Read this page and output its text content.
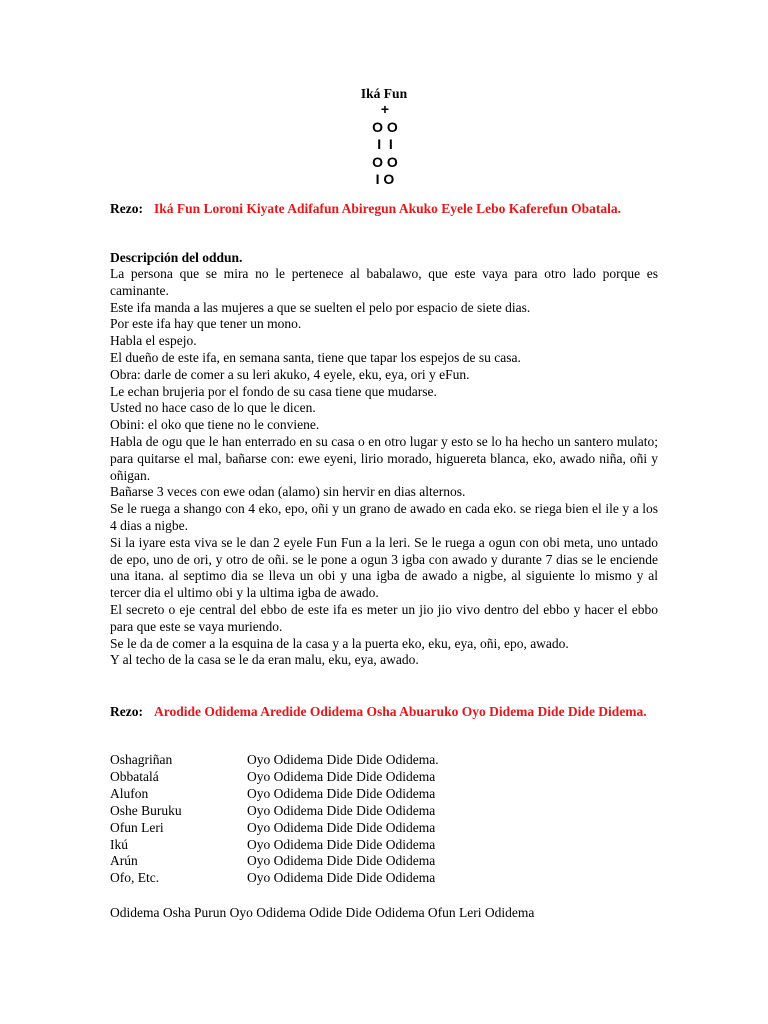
Iká Fun
+
O O
I  I
O O
I O
Rezo: Iká Fun Loroni Kiyate Adifafun Abiregun Akuko Eyele Lebo Kaferefun Obatala.
Descripción del oddun.

La persona que se mira no le pertenece al babalawo, que este vaya para otro lado porque es caminante.

Este ifa manda a las mujeres a que se suelten el pelo por espacio de siete dias.

Por este ifa hay que tener un mono.

Habla el espejo.

El dueño de este ifa, en semana santa, tiene que tapar los espejos de su casa.

Obra: darle de comer a su leri akuko, 4 eyele, eku, eya, ori y eFun.

Le echan brujeria por el fondo de su casa tiene que mudarse.

Usted no hace caso de lo que le dicen.

Obini: el oko que tiene no le conviene.

Habla de ogu que le han enterrado en su casa o en otro lugar y esto se lo ha hecho un santero mulato; para quitarse el mal, bañarse con: ewe eyeni, lirio morado, higuereta blanca, eko, awado niña, oñi y oñigan.

Bañarse 3 veces con ewe odan (alamo) sin hervir en dias alternos.

Se le ruega a shango con 4 eko, epo, oñi y un grano de awado en cada eko. se riega bien el ile y a los 4 dias a nigbe.

Si la iyare esta viva se le dan 2 eyele Fun Fun a la leri. Se le ruega a ogun con obi meta, uno untado de epo, uno de ori, y otro de oñi. se le pone a ogun 3 igba con awado y durante 7 dias se le enciende una itana. al septimo dia se lleva un obi y una igba de awado a nigbe, al siguiente lo mismo y al tercer dia el ultimo obi y la ultima igba de awado.

El secreto o eje central del ebbo de este ifa es meter un jio jio vivo dentro del ebbo y hacer el ebbo para que este se vaya muriendo.

Se le da de comer a la esquina de la casa y a la puerta eko, eku, eya, oñi, epo, awado.

Y al techo de la casa se le da eran malu, eku, eya, awado.

Rezo: Arodide Odidema Aredide Odidema Osha Abuaruko Oyo Didema Dide Dide Didema.
Oshagriñan	Oyo Odidema Dide Dide Odidema.
Obbatalá	Oyo Odidema Dide Dide Odidema
Alufon	Oyo Odidema Dide Dide Odidema
Oshe Buruku	Oyo Odidema Dide Dide Odidema
Ofun Leri	Oyo Odidema Dide Dide Odidema
Ikú	Oyo Odidema Dide Dide Odidema
Arún	Oyo Odidema Dide Dide Odidema
Ofo, Etc.	Oyo Odidema Dide Dide Odidema
Odidema Osha Purun Oyo Odidema Odide Dide Odidema Ofun Leri Odidema
